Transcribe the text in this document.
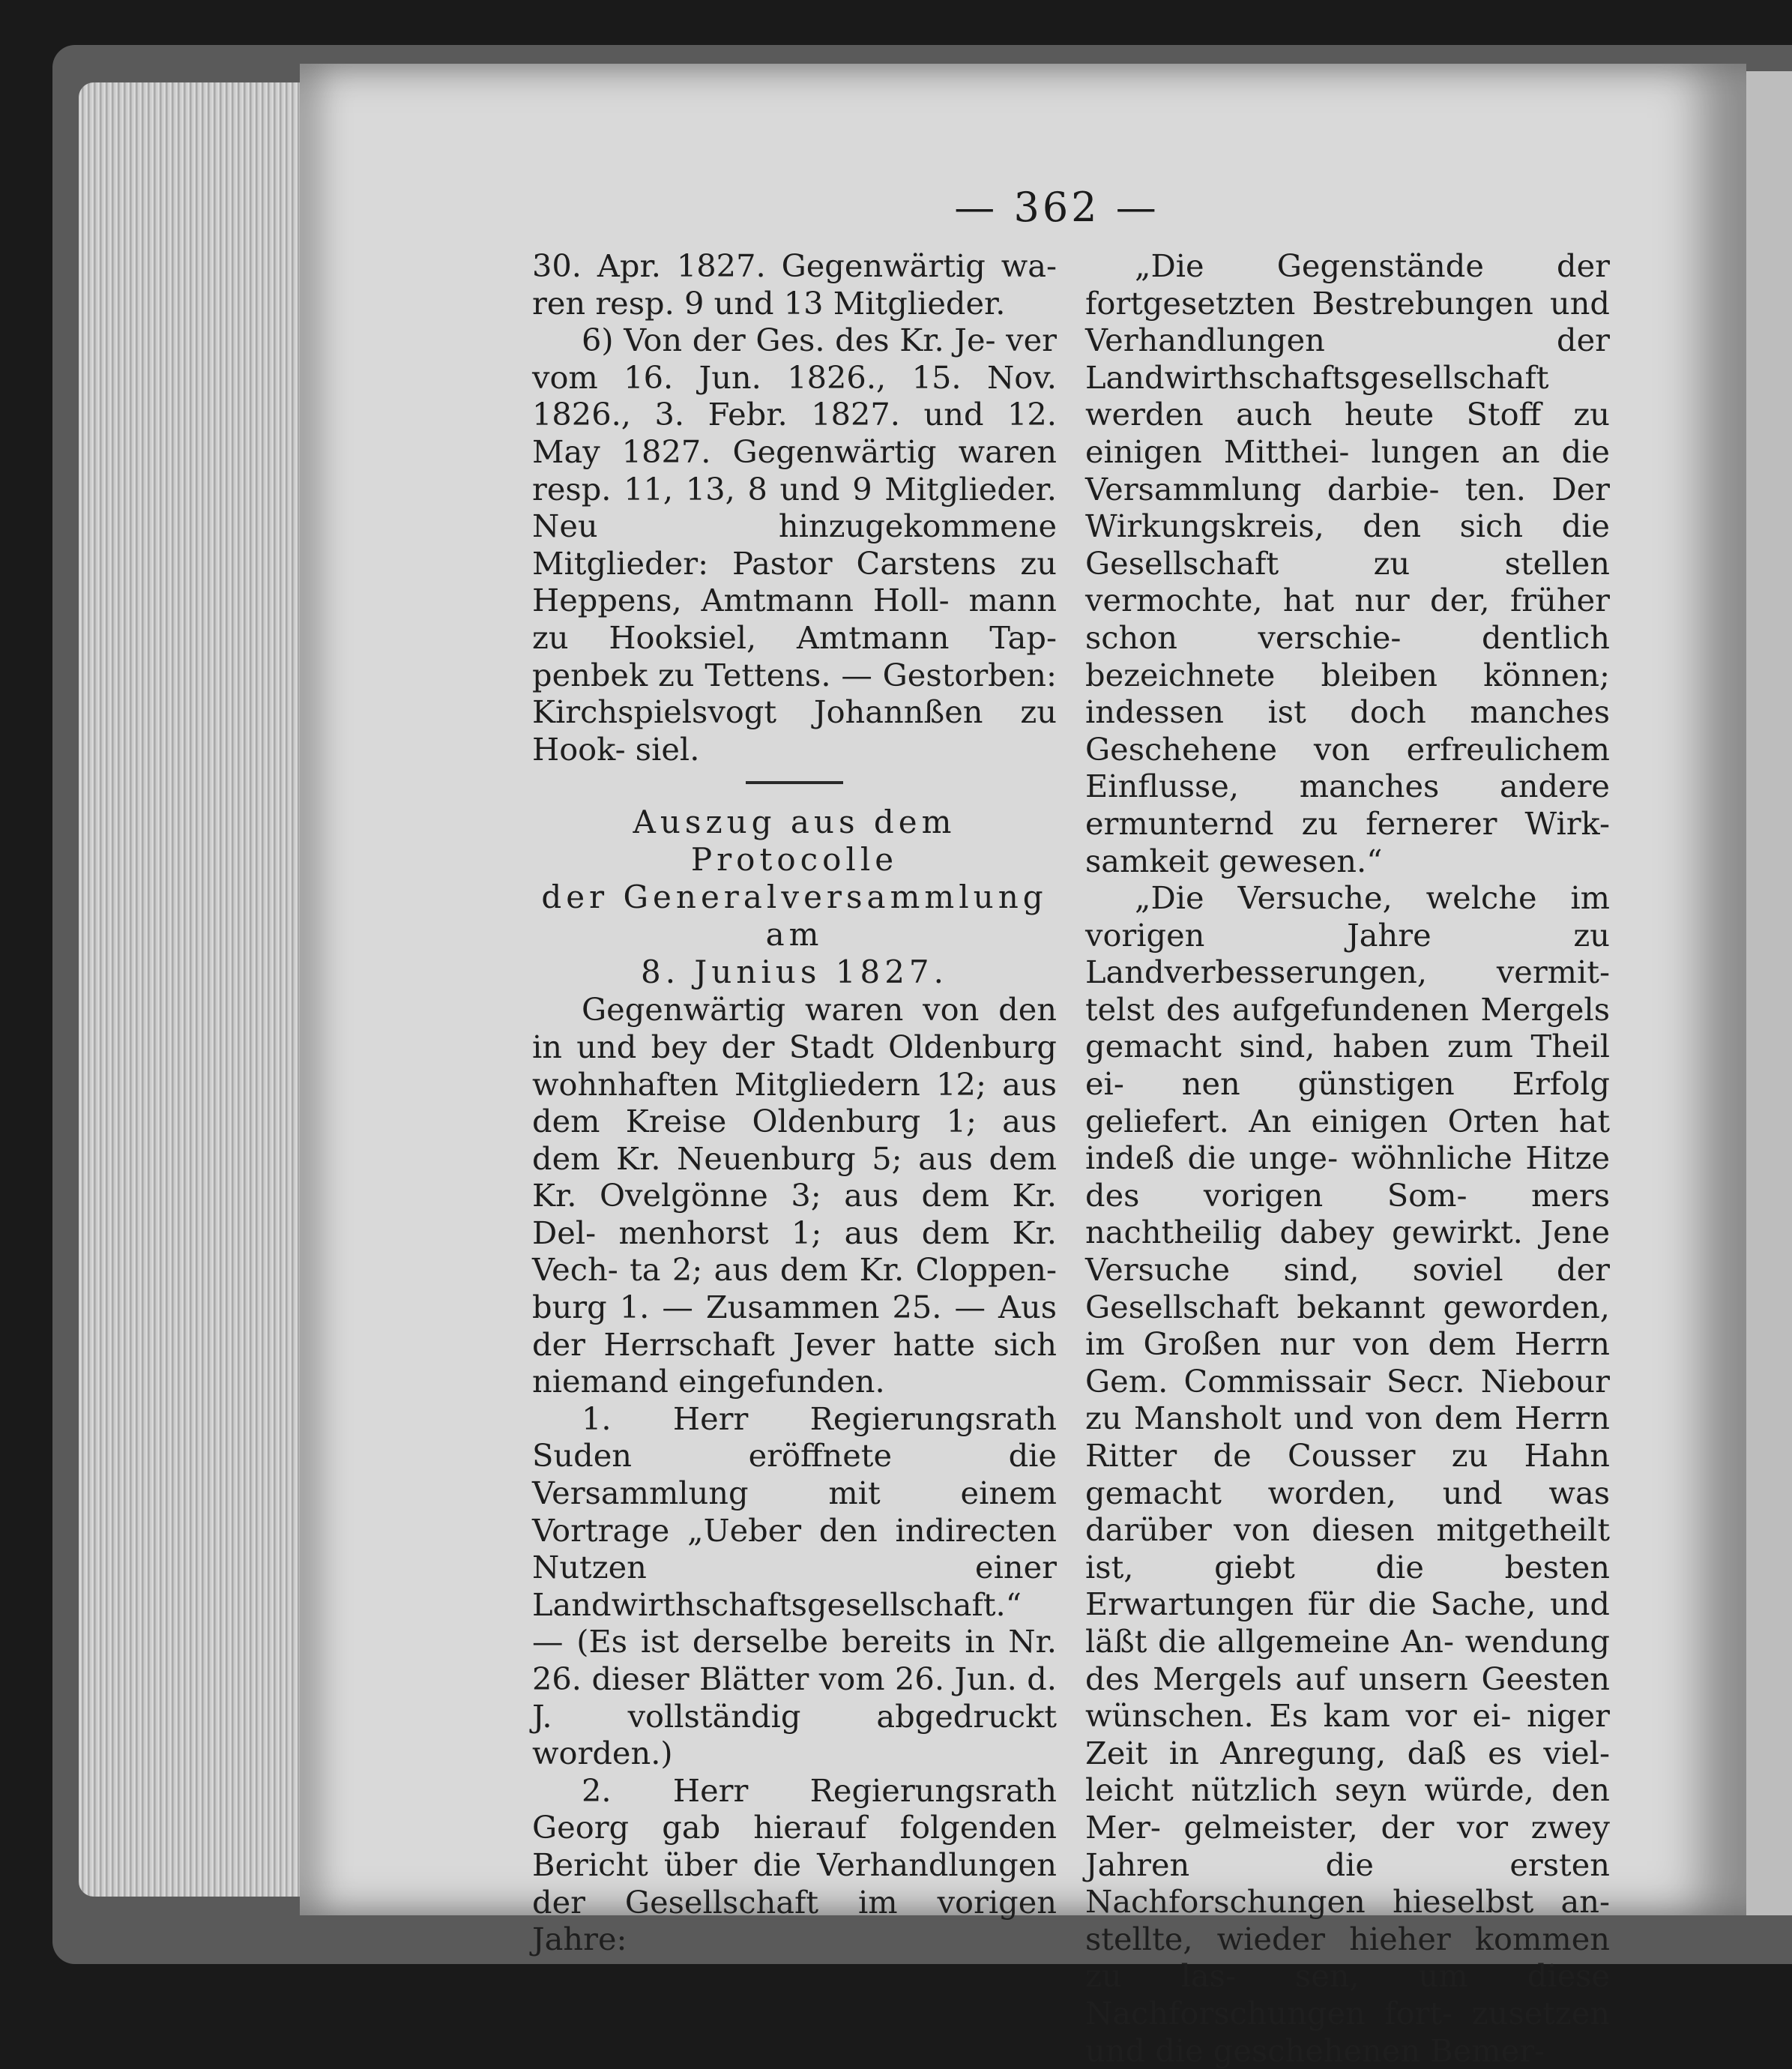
— 362 —

30. Apr. 1827. Gegenwärtig wa- ren resp. 9 und 13 Mitglieder.

6) Von der Ges. des Kr. Je- ver vom 16. Jun. 1826., 15. Nov. 1826., 3. Febr. 1827. und 12. May 1827. Gegenwärtig waren resp. 11, 13, 8 und 9 Mitglieder. Neu hinzugekommene Mitglieder: Pastor Carstens zu Heppens, Amtmann Holl- mann zu Hooksiel, Amtmann Tap- penbek zu Tettens. — Gestorben: Kirchspielsvogt Johannßen zu Hook- siel.

Auszug aus dem Protocolle
der Generalversammlung am
8. Junius 1827.

Gegenwärtig waren von den in und bey der Stadt Oldenburg wohnhaften Mitgliedern 12; aus dem Kreise Oldenburg 1; aus dem Kr. Neuenburg 5; aus dem Kr. Ovelgönne 3; aus dem Kr. Del- menhorst 1; aus dem Kr. Vech- ta 2; aus dem Kr. Cloppen- burg 1. — Zusammen 25. — Aus der Herrschaft Jever hatte sich niemand eingefunden.

1. Herr Regierungsrath Suden eröffnete die Versammlung mit einem Vortrage „Ueber den indirecten Nutzen einer Landwirthschaftsgesellschaft.“ — (Es ist derselbe bereits in Nr. 26. dieser Blätter vom 26. Jun. d. J. vollständig abgedruckt worden.)

2. Herr Regierungsrath Georg gab hierauf folgenden Bericht über die Verhandlungen der Gesellschaft im vorigen Jahre:

„Die Gegenstände der fortgesetzten Bestrebungen und Verhandlungen der Landwirthschaftsgesellschaft werden auch heute Stoff zu einigen Mitthei- lungen an die Versammlung darbie- ten. Der Wirkungskreis, den sich die Gesellschaft zu stellen vermochte, hat nur der, früher schon verschie- dentlich bezeichnete bleiben können; indessen ist doch manches Geschehene von erfreulichem Einflusse, manches andere ermunternd zu fernerer Wirk- samkeit gewesen.“

„Die Versuche, welche im vorigen Jahre zu Landverbesserungen, vermit- telst des aufgefundenen Mergels gemacht sind, haben zum Theil ei- nen günstigen Erfolg geliefert. An einigen Orten hat indeß die unge- wöhnliche Hitze des vorigen Som- mers nachtheilig dabey gewirkt. Jene Versuche sind, soviel der Gesellschaft bekannt geworden, im Großen nur von dem Herrn Gem. Commissair Secr. Niebour zu Mansholt und von dem Herrn Ritter de Cousser zu Hahn gemacht worden, und was darüber von diesen mitgetheilt ist, giebt die besten Erwartungen für die Sache, und läßt die allgemeine An- wendung des Mergels auf unsern Geesten wünschen. Es kam vor ei- niger Zeit in Anregung, daß es viel- leicht nützlich seyn würde, den Mer- gelmeister, der vor zwey Jahren die ersten Nachforschungen hieselbst an- stellte, wieder hieher kommen zu las- sen, um diese Nachforschungen fort- zusetzen und die geschehenen Bemer-
